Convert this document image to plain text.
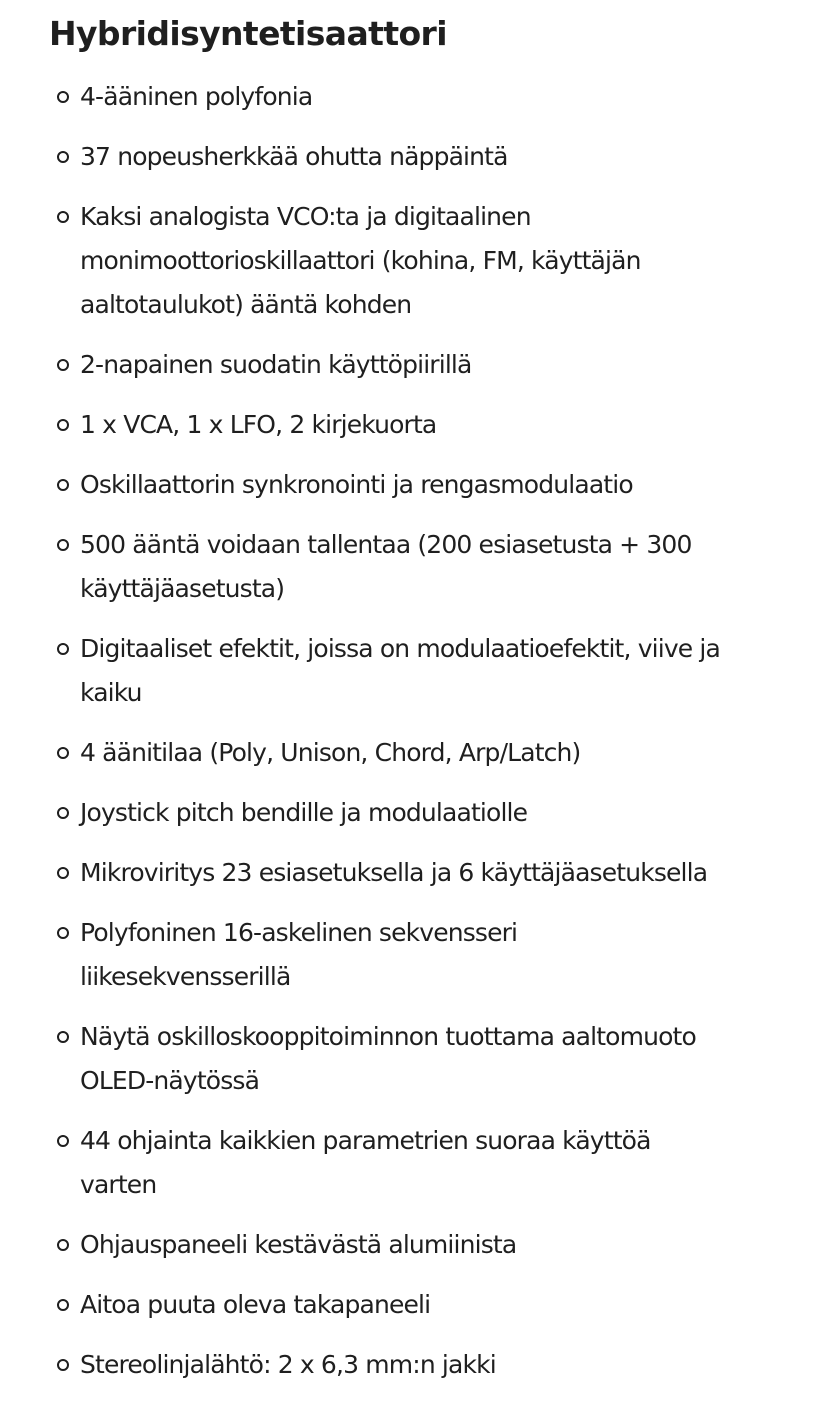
Hybridisyntetisaattori
4-ääninen polyfonia
37 nopeusherkkää ohutta näppäintä
Kaksi analogista VCO:ta ja digitaalinen
monimoottorioskillaattori (kohina, FM, käyttäjän
aaltotaulukot) ääntä kohden
2-napainen suodatin käyttöpiirillä
1 x VCA, 1 x LFO, 2 kirjekuorta
Oskillaattorin synkronointi ja rengasmodulaatio
500 ääntä voidaan tallentaa (200 esiasetusta + 300
käyttäjäasetusta)
Digitaaliset efektit, joissa on modulaatioefektit, viive ja
kaiku
4 äänitilaa (Poly, Unison, Chord, Arp/Latch)
Joystick pitch bendille ja modulaatiolle
Mikroviritys 23 esiasetuksella ja 6 käyttäjäasetuksella
Polyfoninen 16-askelinen sekvensseri
liikesekvensserillä
Näytä oskilloskooppitoiminnon tuottama aaltomuoto
OLED-näytössä
44 ohjainta kaikkien parametrien suoraa käyttöä
varten
Ohjauspaneeli kestävästä alumiinista
Aitoa puuta oleva takapaneeli
Stereolinjalähtö: 2 x 6,3 mm:n jakki
